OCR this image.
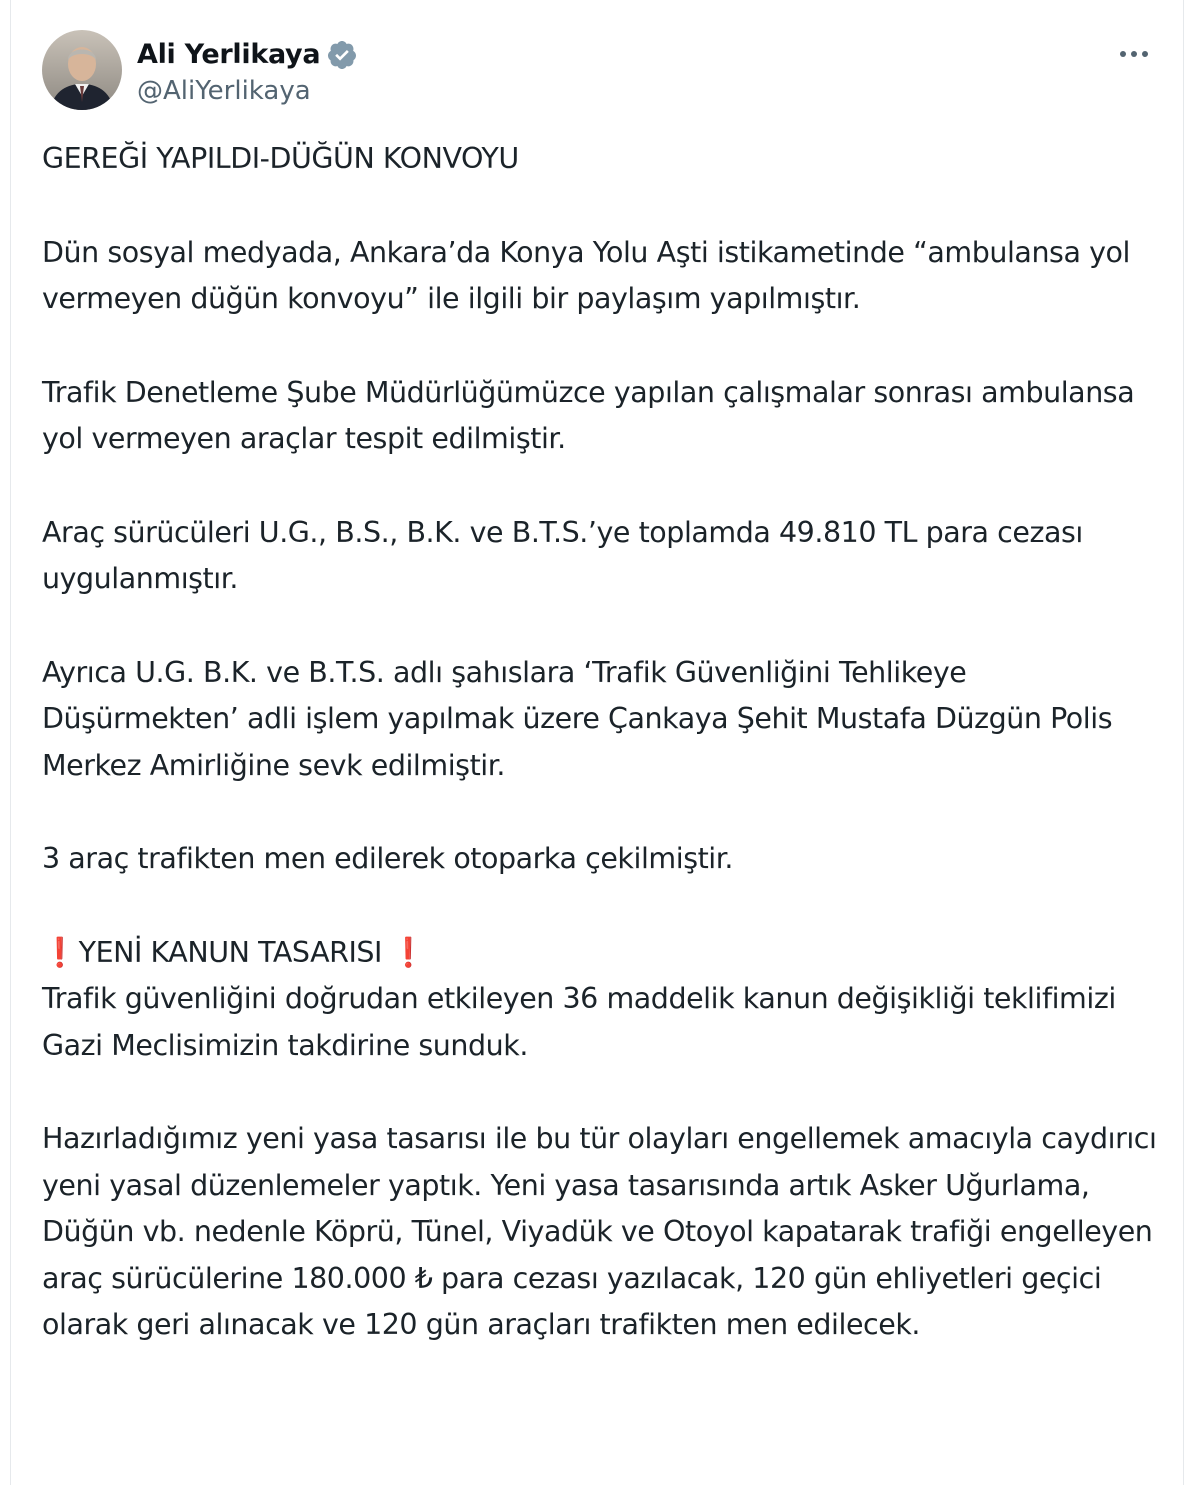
Ali Yerlikaya
@AliYerlikaya

GEREĞİ YAPILDI-DÜĞÜN KONVOYU

Dün sosyal medyada, Ankara’da Konya Yolu Aşti istikametinde “ambulansa yol vermeyen düğün konvoyu” ile ilgili bir paylaşım yapılmıştır.

Trafik Denetleme Şube Müdürlüğümüzce yapılan çalışmalar sonrası ambulansa yol vermeyen araçlar tespit edilmiştir.

Araç sürücüleri U.G., B.S., B.K. ve B.T.S.’ye toplamda 49.810 TL para cezası uygulanmıştır.

Ayrıca U.G. B.K. ve B.T.S. adlı şahıslara ‘Trafik Güvenliğini Tehlikeye Düşürmekten’ adli işlem yapılmak üzere Çankaya Şehit Mustafa Düzgün Polis Merkez Amirliğine sevk edilmiştir.

3 araç trafikten men edilerek otoparka çekilmiştir.

❗ YENİ KANUN TASARISI ❗

Trafik güvenliğini doğrudan etkileyen 36 maddelik kanun değişikliği teklifimizi Gazi Meclisimizin takdirine sunduk.

Hazırladığımız yeni yasa tasarısı ile bu tür olayları engellemek amacıyla caydırıcı yeni yasal düzenlemeler yaptık. Yeni yasa tasarısında artık Asker Uğurlama, Düğün vb. nedenle Köprü, Tünel, Viyadük ve Otoyol kapatarak trafiği engelleyen araç sürücülerine 180.000 ₺ para cezası yazılacak, 120 gün ehliyetleri geçici olarak geri alınacak ve 120 gün araçları trafikten men edilecek.
